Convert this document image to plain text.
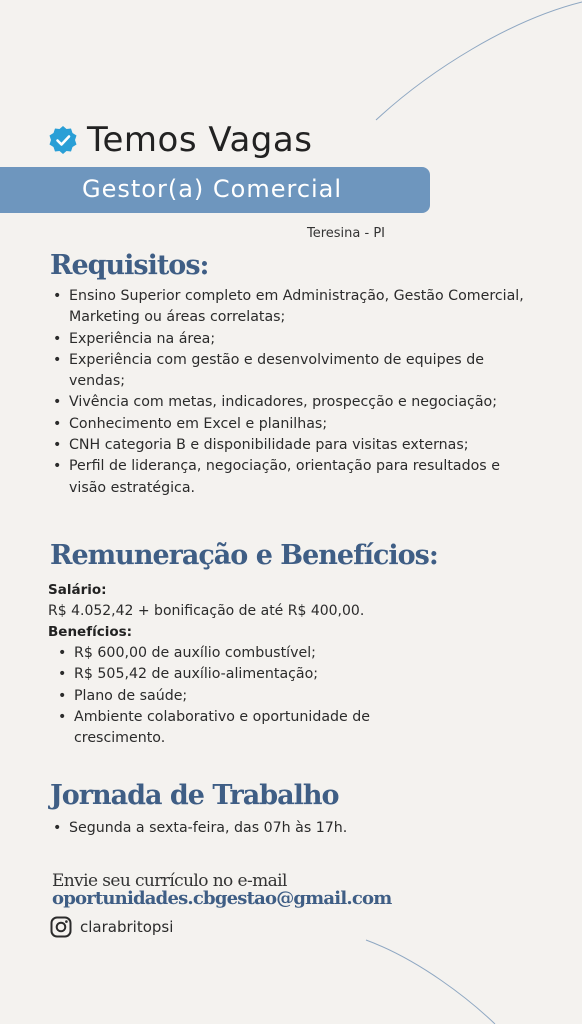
Temos Vagas
Gestor(a) Comercial
Teresina - PI
Requisitos:
• Ensino Superior completo em Administração, Gestão Comercial, Marketing ou áreas correlatas;
• Experiência na área;
• Experiência com gestão e desenvolvimento de equipes de vendas;
• Vivência com metas, indicadores, prospecção e negociação;
• Conhecimento em Excel e planilhas;
• CNH categoria B e disponibilidade para visitas externas;
• Perfil de liderança, negociação, orientação para resultados e visão estratégica.
Remuneração e Benefícios:
Salário:
R$ 4.052,42 + bonificação de até R$ 400,00.
Benefícios:
• R$ 600,00 de auxílio combustível;
• R$ 505,42 de auxílio-alimentação;
• Plano de saúde;
• Ambiente colaborativo e oportunidade de crescimento.
Jornada de Trabalho
• Segunda a sexta-feira, das 07h às 17h.
Envie seu currículo no e-mail
oportunidades.cbgestao@gmail.com
clarabritopsi
